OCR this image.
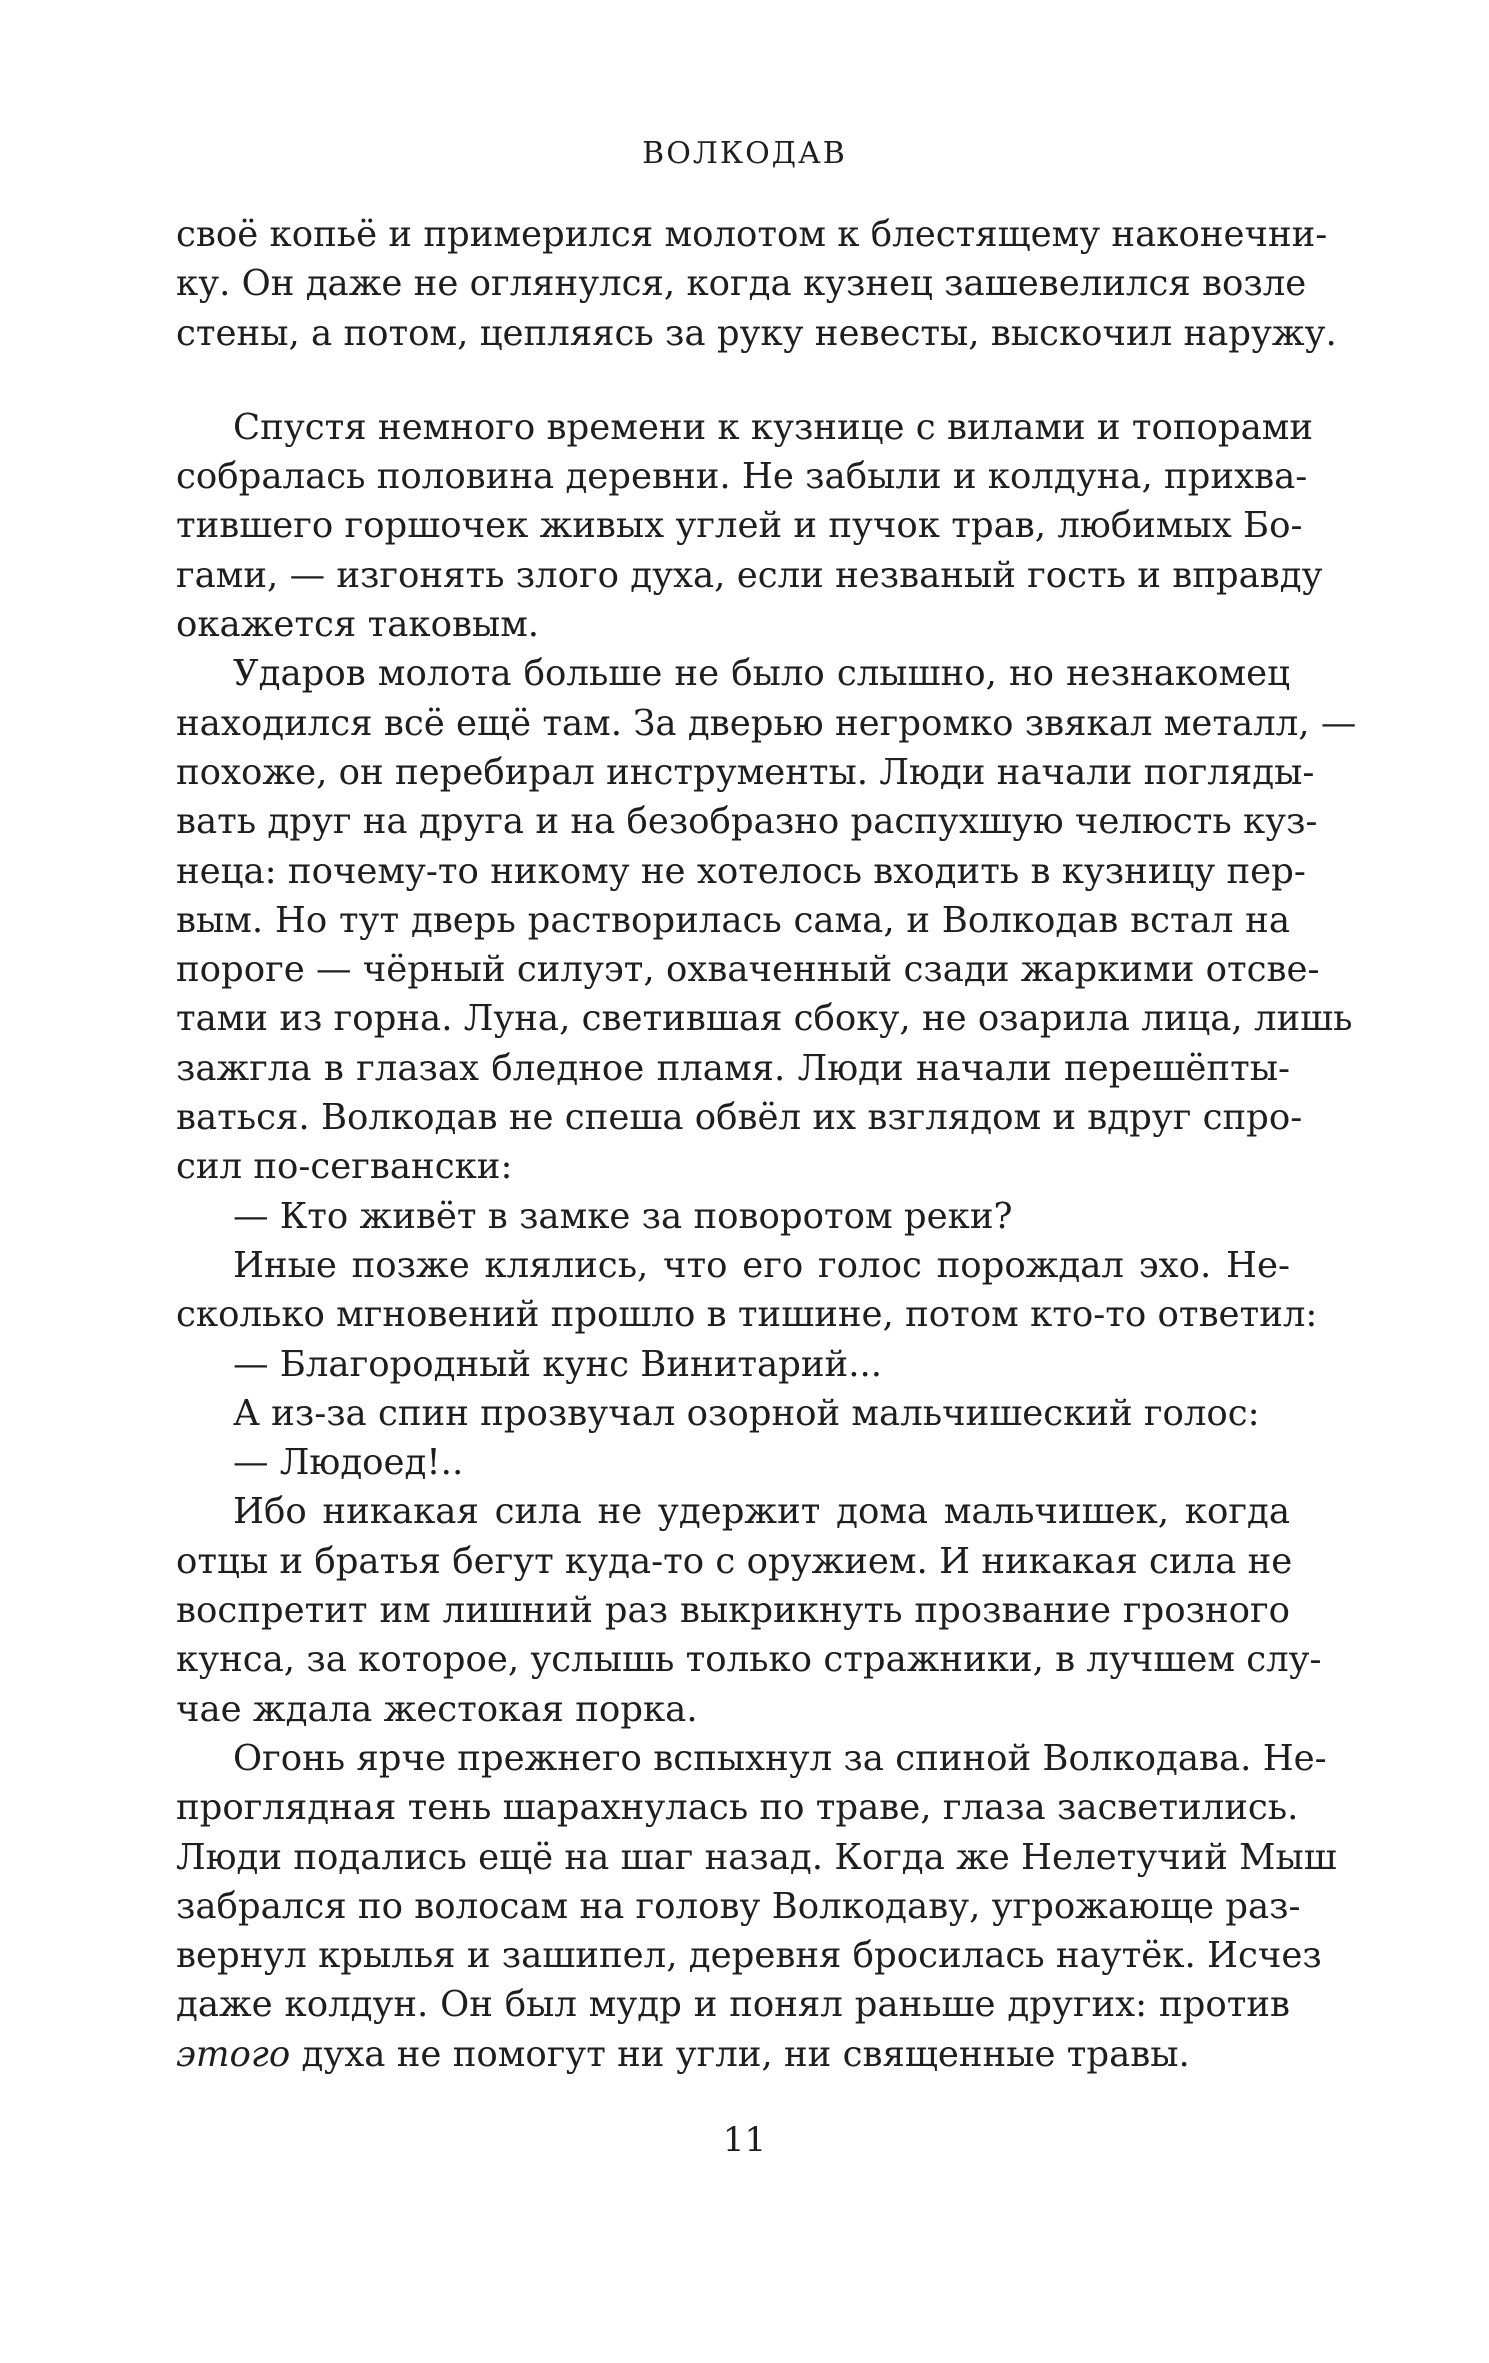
ВОЛКОДАВ
своё копьё и примерился молотом к блестящему наконечни-
ку. Он даже не оглянулся, когда кузнец зашевелился возле
стены, а потом, цепляясь за руку невесты, выскочил наружу.
Спустя немного времени к кузнице с вилами и топорами
собралась половина деревни. Не забыли и колдуна, прихва-
тившего горшочек живых углей и пучок трав, любимых Бо-
гами, — изгонять злого духа, если незваный гость и вправду
окажется таковым.
Ударов молота больше не было слышно, но незнакомец
находился всё ещё там. За дверью негромко звякал металл, —
похоже, он перебирал инструменты. Люди начали погляды-
вать друг на друга и на безобразно распухшую челюсть куз-
неца: почему-то никому не хотелось входить в кузницу пер-
вым. Но тут дверь растворилась сама, и Волкодав встал на
пороге — чёрный силуэт, охваченный сзади жаркими отсве-
тами из горна. Луна, светившая сбоку, не озарила лица, лишь
зажгла в глазах бледное пламя. Люди начали перешёпты-
ваться. Волкодав не спеша обвёл их взглядом и вдруг спро-
сил по-сегвански:
— Кто живёт в замке за поворотом реки?
Иные позже клялись, что его голос порождал эхо. Не-
сколько мгновений прошло в тишине, потом кто-то ответил:
— Благородный кунс Винитарий...
А из-за спин прозвучал озорной мальчишеский голос:
— Людоед!..
Ибо никакая сила не удержит дома мальчишек, когда
отцы и братья бегут куда-то с оружием. И никакая сила не
воспретит им лишний раз выкрикнуть прозвание грозного
кунса, за которое, услышь только стражники, в лучшем слу-
чае ждала жестокая порка.
Огонь ярче прежнего вспыхнул за спиной Волкодава. Не-
проглядная тень шарахнулась по траве, глаза засветились.
Люди подались ещё на шаг назад. Когда же Нелетучий Мыш
забрался по волосам на голову Волкодаву, угрожающе раз-
вернул крылья и зашипел, деревня бросилась наутёк. Исчез
даже колдун. Он был мудр и понял раньше других: против
этого духа не помогут ни угли, ни священные травы.
11
